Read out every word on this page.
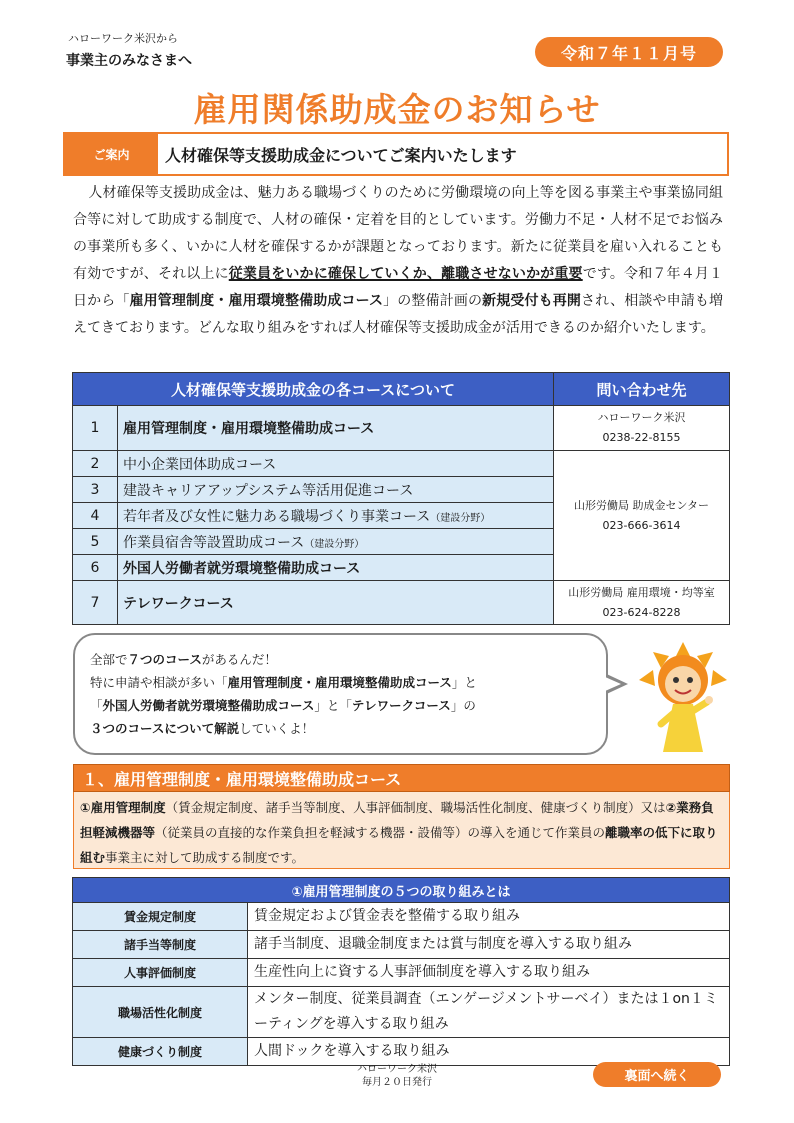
ハローワーク米沢から
事業主のみなさまへ	令和７年１１月号
雇用関係助成金のお知らせ
ご案内	人材確保等支援助成金についてご案内いたします
人材確保等支援助成金は、魅力ある職場づくりのために労働環境の向上等を図る事業主や事業協同組合等に対して助成する制度で、人材の確保・定着を目的としています。労働力不足・人材不足でお悩みの事業所も多く、いかに人材を確保するかが課題となっております。新たに従業員を雇い入れることも有効ですが、それ以上に従業員をいかに確保していくか、離職させないかが重要です。令和７年４月１日から「雇用管理制度・雇用環境整備助成コース」の整備計画の新規受付も再開され、相談や申請も増えてきております。どんな取り組みをすれば人材確保等支援助成金が活用できるのか紹介いたします。
人材確保等支援助成金の各コースについて		問い合わせ先
1	雇用管理制度・雇用環境整備助成コース	ハローワーク米沢
0238-22-8155

2	中小企業団体助成コース	山形労働局 助成金センター
023-666-3614

3	建設キャリアアップシステム等活用促進コース	
4	若年者及び女性に魅力ある職場づくり事業コース（建設分野）	
5	作業員宿舎等設置助成コース（建設分野）	
6	外国人労働者就労環境整備助成コース	
7	テレワークコース	山形労働局 雇用環境・均等室
023-624-8228
全部で７つのコースがあるんだ！
特に申請や相談が多い「雇用管理制度・雇用環境整備助成コース」と
「外国人労働者就労環境整備助成コース」と「テレワークコース」の
３つのコースについて解説していくよ！
１、雇用管理制度・雇用環境整備助成コース
①雇用管理制度（賃金規定制度、諸手当等制度、人事評価制度、職場活性化制度、健康づくり制度）又は②業務負担軽減機器等（従業員の直接的な作業負担を軽減する機器・設備等）の導入を通じて作業員の離職率の低下に取り組む事業主に対して助成する制度です。
①雇用管理制度の５つの取り組みとは	
賃金規定制度	賃金規定および賃金表を整備する取り組み
諸手当等制度	諸手当制度、退職金制度または賞与制度を導入する取り組み
人事評価制度	生産性向上に資する人事評価制度を導入する取り組み
職場活性化制度	メンター制度、従業員調査（エンゲージメントサーベイ）または１on１ミーティングを導入する取り組み
健康づくり制度	人間ドックを導入する取り組み
ハローワーク米沢
毎月２０日発行	裏面へ続く
